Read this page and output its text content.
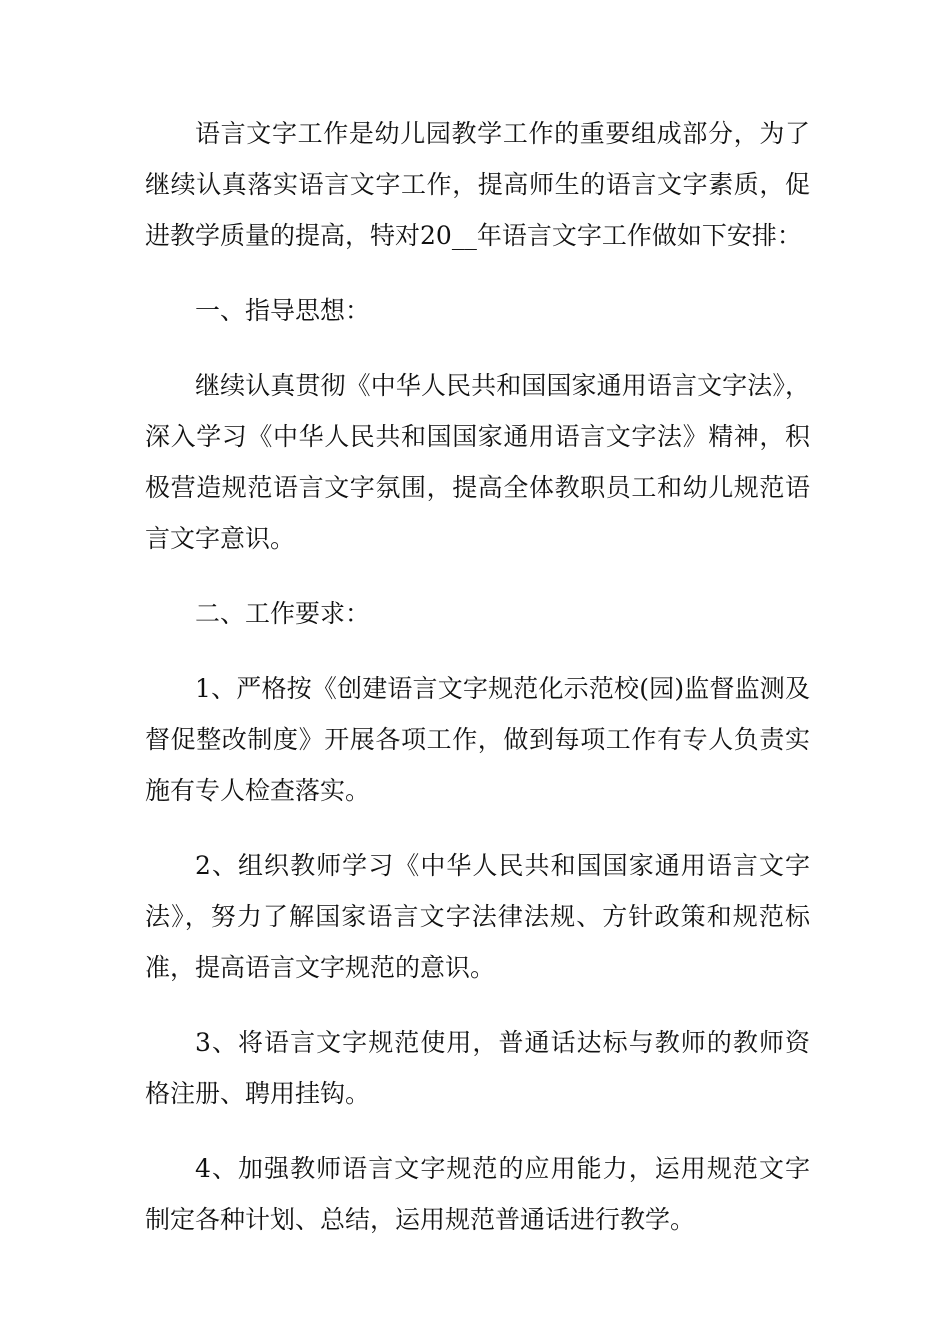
语言文字工作是幼儿园教学工作的重要组成部分，为了继续认真落实语言文字工作，提高师生的语言文字素质，促进教学质量的提高，特对20__年语言文字工作做如下安排：

一、指导思想：

继续认真贯彻《中华人民共和国国家通用语言文字法》，深入学习《中华人民共和国国家通用语言文字法》精神，积极营造规范语言文字氛围，提高全体教职员工和幼儿规范语言文字意识。

二、工作要求：

1、严格按《创建语言文字规范化示范校(园)监督监测及督促整改制度》开展各项工作，做到每项工作有专人负责实施有专人检查落实。

2、组织教师学习《中华人民共和国国家通用语言文字法》，努力了解国家语言文字法律法规、方针政策和规范标准，提高语言文字规范的意识。

3、将语言文字规范使用，普通话达标与教师的教师资格注册、聘用挂钩。

4、加强教师语言文字规范的应用能力，运用规范文字制定各种计划、总结，运用规范普通话进行教学。
